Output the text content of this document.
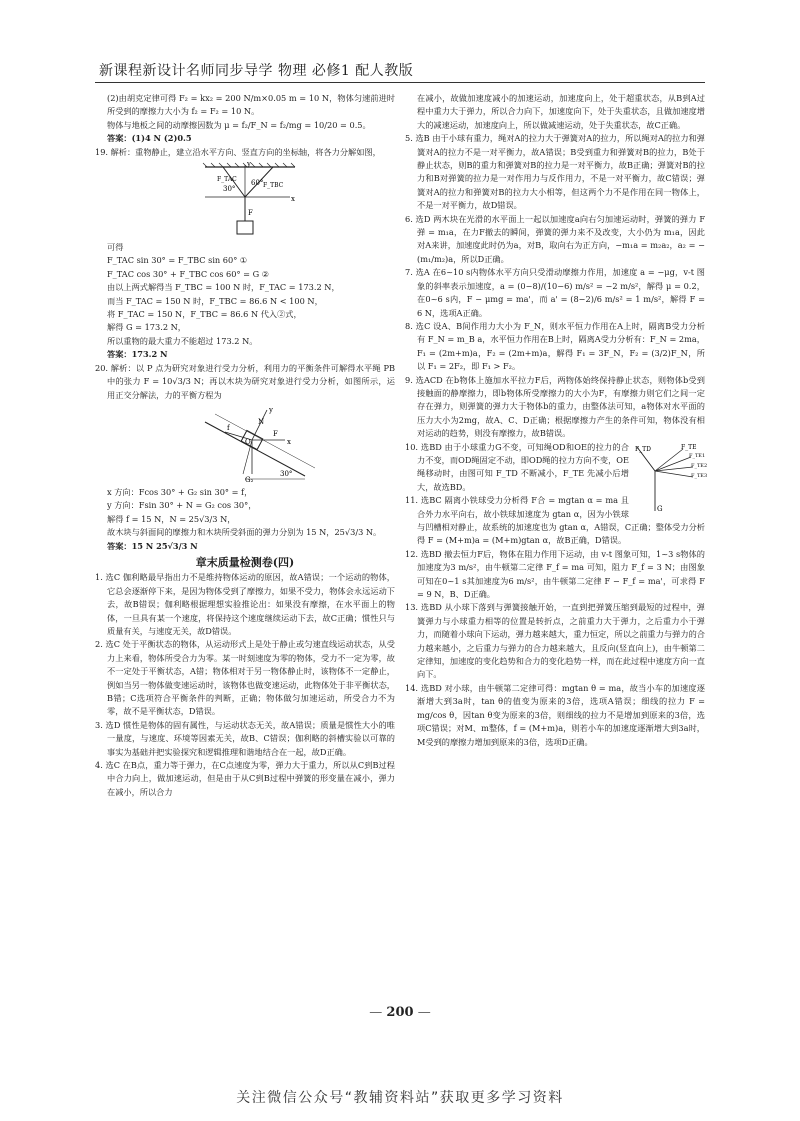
新课程新设计名师同步导学 物理 必修1 配人教版

(2)由胡克定律可得 F₂ = kx₂ = 200 N/m×0.05 m = 10 N，物体匀速前进时所受到的摩擦力大小为 f₂ = F₂ = 10 N。

物体与地板之间的动摩擦因数为 μ = f₂/F_N = f₂/mg = 10/20 = 0.5。

答案：(1)4 N (2)0.5

19. 解析：重物静止，建立沿水平方向、竖直方向的坐标轴，将各力分解如图，

y
F_TAC
F_TBC
30°
60°
x
F

可得

F_TAC sin 30° = F_TBC sin 60° ①

F_TAC cos 30° + F_TBC cos 60° = G ②

由以上两式解得当 F_TBC = 100 N 时，F_TAC = 173.2 N，

而当 F_TAC = 150 N 时，F_TBC = 86.6 N < 100 N，

将 F_TAC = 150 N，F_TBC = 86.6 N 代入②式，

解得 G = 173.2 N，

所以重物的最大重力不能超过 173.2 N。

答案：173.2 N

20. 解析：以 P 点为研究对象进行受力分析，利用力的平衡条件可解得水平绳 PB 中的张力 F = 10√3/3 N；再以木块为研究对象进行受力分析，如图所示，运用正交分解法，力的平衡方程为

y
F
N
f
O	x
G₂
30°

x 方向：Fcos 30° + G₂ sin 30° = f，

y 方向：Fsin 30° + N = G₂ cos 30°，

解得 f = 15 N，N = 25√3/3 N，

故木块与斜面间的摩擦力和木块所受斜面的弹力分别为 15 N，25√3/3 N。

答案：15 N 25√3/3 N

章末质量检测卷(四)

1. 选C 伽利略最早指出力不是维持物体运动的原因，故A错误；一个运动的物体，它总会逐渐停下来，是因为物体受到了摩擦力，如果不受力，物体会永远运动下去，故B错误；伽利略根据理想实验推论出：如果没有摩擦，在水平面上的物体，一旦具有某一个速度，将保持这个速度继续运动下去，故C正确；惯性只与质量有关，与速度无关，故D错误。

2. 选C 处于平衡状态的物体，从运动形式上是处于静止或匀速直线运动状态，从受力上来看，物体所受合力为零。某一时刻速度为零的物体，受力不一定为零，故不一定处于平衡状态，A错；物体相对于另一物体静止时，该物体不一定静止，例如当另一物体做变速运动时，该物体也做变速运动，此物体处于非平衡状态，B错；C选项符合平衡条件的判断，正确；物体做匀加速运动，所受合力不为零，故不是平衡状态，D错误。

3. 选D 惯性是物体的固有属性，与运动状态无关，故A错误；质量是惯性大小的唯一量度，与速度、环境等因素无关，故B、C错误；伽利略的斜槽实验以可靠的事实为基础并把实验探究和逻辑推理和谐地结合在一起，故D正确。

4. 选C 在B点，重力等于弹力，在C点速度为零，弹力大于重力，所以从C到B过程中合力向上，做加速运动，但是由于从C到B过程中弹簧的形变量在减小，弹力在减小，所以合力

在减小，故做加速度减小的加速运动，加速度向上，处于超重状态，从B到A过程中重力大于弹力，所以合力向下，加速度向下，处于失重状态，且做加速度增大的减速运动，加速度向上，所以做减速运动，处于失重状态，故C正确。

5. 选B 由于小球有重力，绳对A的拉力大于弹簧对A的拉力，所以绳对A的拉力和弹簧对A的拉力不是一对平衡力，故A错误；B受到重力和弹簧对B的拉力，B处于静止状态，则B的重力和弹簧对B的拉力是一对平衡力，故B正确；弹簧对B的拉力和B对弹簧的拉力是一对作用力与反作用力，不是一对平衡力，故C错误；弹簧对A的拉力和弹簧对B的拉力大小相等，但这两个力不是作用在同一物体上，不是一对平衡力，故D错误。

6. 选D 两木块在光滑的水平面上一起以加速度a向右匀加速运动时，弹簧的弹力 F弹 = m₁a，在力F撤去的瞬间，弹簧的弹力来不及改变，大小仍为 m₁a，因此对A来讲，加速度此时仍为a，对B，取向右为正方向，−m₁a = m₂a₂，a₂ = −(m₁/m₂)a，所以D正确。

7. 选A 在6~10 s内物体水平方向只受滑动摩擦力作用，加速度 a = −μg，v-t 图象的斜率表示加速度，a = (0−8)/(10−6) m/s² = −2 m/s²，解得 μ = 0.2，在0~6 s内，F − μmg = ma'，而 a' = (8−2)/6 m/s² = 1 m/s²，解得 F = 6 N，选项A正确。

8. 选C 设A、B间作用力大小为 F_N，则水平恒力作用在A上时，隔离B受力分析有 F_N = m_B a，水平恒力作用在B上时，隔离A受力分析有：F_N = 2ma，F₁ = (2m+m)a，F₂ = (2m+m)a，解得 F₁ = 3F_N，F₂ = (3/2)F_N，所以 F₁ = 2F₂，即 F₁ > F₂。

9. 选ACD 在b物体上施加水平拉力F后，两物体始终保持静止状态，则物体b受到接触面的静摩擦力，即b物体所受摩擦力的大小为F，有摩擦力则它们之间一定存在弹力，则弹簧的弹力大于物体b的重力，由整体法可知，a物体对水平面的压力大小为2mg，故A、C、D正确；根据摩擦力产生的条件可知，物体没有相对运动的趋势，则没有摩擦力，故B错误。

F_TD	F_TE
F_TE1
F_TE2
F_TE3
G

10. 选BD 由于小球重力G不变，可知绳OD和OE的拉力的合力不变，而OD绳固定不动，即OD绳的拉力方向不变，OE绳移动时，由图可知 F_TD 不断减小，F_TE 先减小后增大，故选BD。

11. 选BC 隔离小铁球受力分析得 F合 = mgtan α = ma 且合外力水平向右，故小铁球加速度为 gtan α，因为小铁球与凹槽相对静止，故系统的加速度也为 gtan α，A错误，C正确；整体受力分析得 F = (M+m)a = (M+m)gtan α，故B正确，D错误。

12. 选BD 撤去恒力F后，物体在阻力作用下运动，由 v-t 图象可知，1~3 s物体的加速度为3 m/s²，由牛顿第二定律 F_f = ma 可知，阻力 F_f = 3 N；由图象可知在0~1 s其加速度为6 m/s²，由牛顿第二定律 F − F_f = ma'，可求得 F = 9 N，B、D正确。

13. 选BD 从小球下落到与弹簧接触开始，一直到把弹簧压缩到最短的过程中，弹簧弹力与小球重力相等的位置是转折点，之前重力大于弹力，之后重力小于弹力，而随着小球向下运动，弹力越来越大，重力恒定，所以之前重力与弹力的合力越来越小，之后重力与弹力的合力越来越大，且反向(竖直向上)，由牛顿第二定律知，加速度的变化趋势和合力的变化趋势一样，而在此过程中速度方向一直向下。

14. 选BD 对小球，由牛顿第二定律可得：mgtan θ = ma，故当小车的加速度逐渐增大到3a时，tan θ的值变为原来的3倍，选项A错误；细线的拉力 F = mg/cos θ，因tan θ变为原来的3倍，则细线的拉力不是增加到原来的3倍，选项C错误；对M、m整体，f = (M+m)a，则若小车的加速度逐渐增大到3a时，M受到的摩擦力增加到原来的3倍，选项D正确。

— 200 —
关注微信公众号“教辅资料站”获取更多学习资料
